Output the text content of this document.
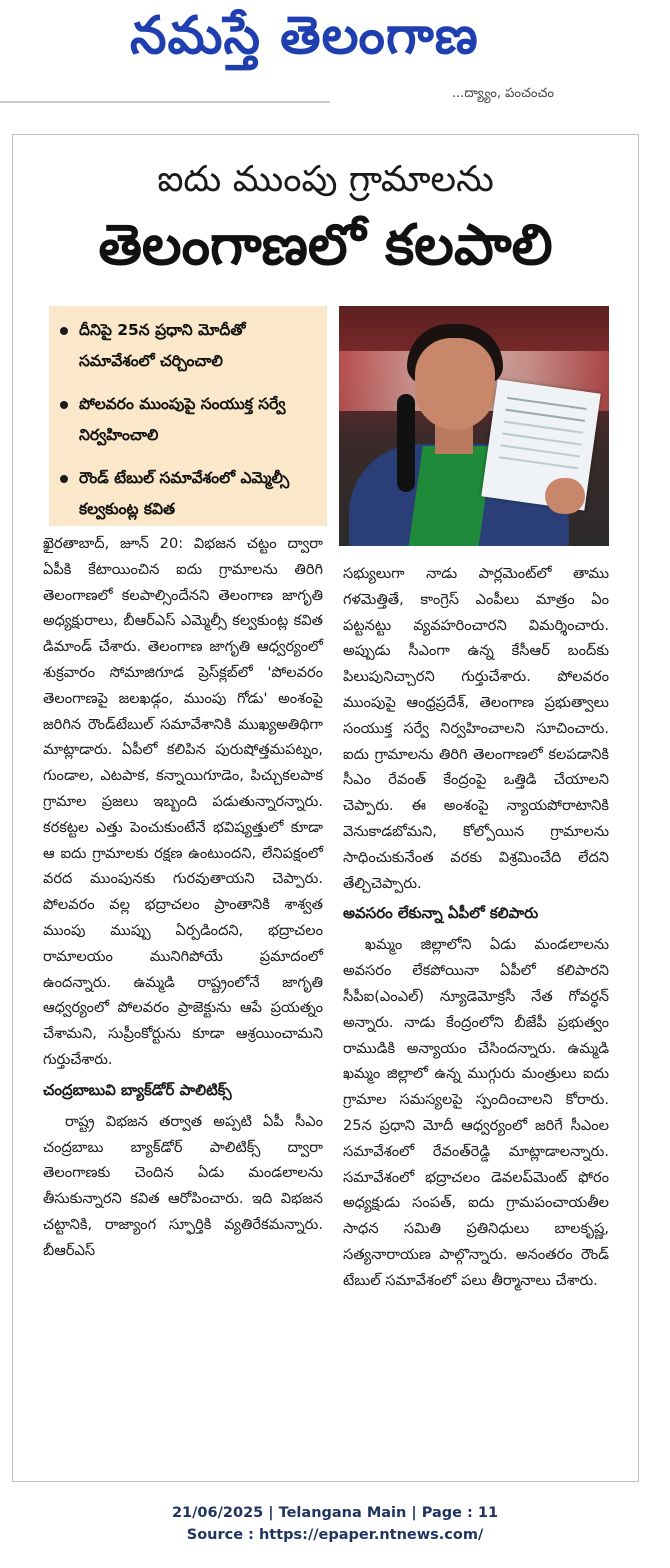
నమస్తే తెలంగాణ
...ద్య్యాం, పంచంచం
ఐదు ముంపు గ్రామాలను
తెలంగాణలో కలపాలి
దీనిపై 25న ప్రధాని మోదీతో సమావేశంలో చర్చించాలి
పోలవరం ముంపుపై సంయుక్త సర్వే నిర్వహించాలి
రౌండ్ టేబుల్ సమావేశంలో ఎమ్మెల్సీ కల్వకుంట్ల కవిత

ఖైరతాబాద్, జూన్ 20: విభజన చట్టం ద్వారా ఏపీకి కేటాయించిన ఐదు గ్రామాలను తిరిగి తెలంగాణలో కలపాల్సిందేనని తెలంగాణ జాగృతి అధ్యక్షురాలు, బీఆర్ఎస్ ఎమ్మెల్సీ కల్వకుంట్ల కవిత డిమాండ్ చేశారు. తెలంగాణ జాగృతి ఆధ్వర్యంలో శుక్రవారం సోమాజిగూడ ప్రెస్‌క్లబ్‌లో 'పోలవరం తెలంగాణపై జలఖడ్గం, ముంపు గోడు' అంశంపై జరిగిన రౌండ్‌టేబుల్ సమావేశానికి ముఖ్యఅతిథిగా మాట్లాడారు. ఏపీలో కలిపిన పురుషోత్తమపట్నం, గుండాల, ఎటపాక, కన్నాయిగూడెం, పిచ్చుకలపాక గ్రామాల ప్రజలు ఇబ్బంది పడుతున్నారన్నారు. కరకట్టల ఎత్తు పెంచుకుంటేనే భవిష్యత్తులో కూడా ఆ ఐదు గ్రామాలకు రక్షణ ఉంటుందని, లేనిపక్షంలో వరద ముంపునకు గురవుతాయని చెప్పారు. పోలవరం వల్ల భద్రాచలం ప్రాంతానికి శాశ్వత ముంపు ముప్పు ఏర్పడిందని, భద్రాచలం రామాలయం మునిగిపోయే ప్రమాదంలో ఉందన్నారు. ఉమ్మడి రాష్ట్రంలోనే జాగృతి ఆధ్వర్యంలో పోలవరం ప్రాజెక్టును ఆపే ప్రయత్నం చేశామని, సుప్రీంకోర్టును కూడా ఆశ్రయించామని గుర్తుచేశారు.

చంద్రబాబువి బ్యాక్‌డోర్ పాలిటిక్స్

రాష్ట్ర విభజన తర్వాత అప్పటి ఏపీ సీఎం చంద్రబాబు బ్యాక్‌డోర్ పాలిటిక్స్ ద్వారా తెలంగాణకు చెందిన ఏడు మండలాలను తీసుకున్నారని కవిత ఆరోపించారు. ఇది విభజన చట్టానికి, రాజ్యాంగ స్ఫూర్తికి వ్యతిరేకమన్నారు. బీఆర్ఎస్

సభ్యులుగా నాడు పార్లమెంట్‌లో తాము గళమెత్తితే, కాంగ్రెస్ ఎంపీలు మాత్రం ఏం పట్టనట్టు వ్యవహరించారని విమర్శించారు. అప్పుడు సీఎంగా ఉన్న కేసీఆర్ బంద్‌కు పిలుపునిచ్చారని గుర్తుచేశారు. పోలవరం ముంపుపై ఆంధ్రప్రదేశ్, తెలంగాణ ప్రభుత్వాలు సంయుక్త సర్వే నిర్వహించాలని సూచించారు. ఐదు గ్రామాలను తిరిగి తెలంగాణలో కలపడానికి సీఎం రేవంత్ కేంద్రంపై ఒత్తిడి చేయాలని చెప్పారు. ఈ అంశంపై న్యాయపోరాటానికి వెనుకాడబోమని, కోల్పోయిన గ్రామాలను సాధించుకునేంత వరకు విశ్రమించేది లేదని తేల్చిచెప్పారు.

అవసరం లేకున్నా ఏపీలో కలిపారు

ఖమ్మం జిల్లాలోని ఏడు మండలాలను అవసరం లేకపోయినా ఏపీలో కలిపారని సీపీఐ(ఎంఎల్) న్యూడెమోక్రసీ నేత గోవర్ధన్ అన్నారు. నాడు కేంద్రంలోని బీజేపీ ప్రభుత్వం రాముడికి అన్యాయం చేసిందన్నారు. ఉమ్మడి ఖమ్మం జిల్లాలో ఉన్న ముగ్గురు మంత్రులు ఐదు గ్రామాల సమస్యలపై స్పందించాలని కోరారు. 25న ప్రధాని మోదీ ఆధ్వర్యంలో జరిగే సీఎంల సమావేశంలో రేవంత్‌రెడ్డి మాట్లాడాలన్నారు. సమావేశంలో భద్రాచలం డెవలప్‌మెంట్ ఫోరం అధ్యక్షుడు సంపత్, ఐదు గ్రామపంచాయతీల సాధన సమితి ప్రతినిధులు బాలకృష్ణ, సత్యనారాయణ పాల్గొన్నారు. అనంతరం రౌండ్ టేబుల్ సమావేశంలో పలు తీర్మానాలు చేశారు.

21/06/2025 | Telangana Main | Page : 11
Source : https://epaper.ntnews.com/
